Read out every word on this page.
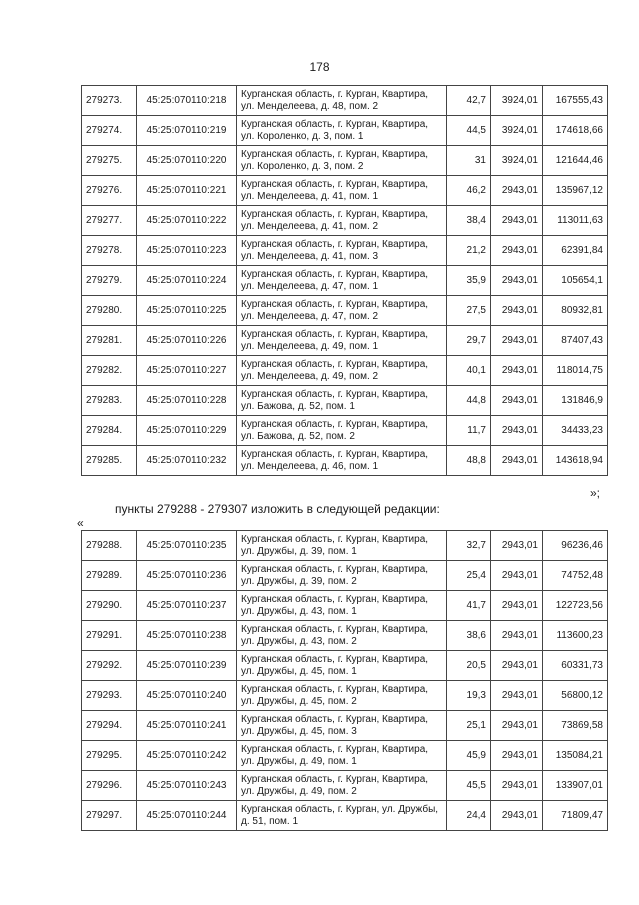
178
279273.	45:25:070110:218	Курганская область, г. Курган, Квартира, ул. Менделеева, д. 48, пом. 2	42,7	3924,01	167555,43
279274.	45:25:070110:219	Курганская область, г. Курган, Квартира, ул. Короленко, д. 3, пом. 1	44,5	3924,01	174618,66
279275.	45:25:070110:220	Курганская область, г. Курган, Квартира, ул. Короленко, д. 3, пом. 2	31	3924,01	121644,46
279276.	45:25:070110:221	Курганская область, г. Курган, Квартира, ул. Менделеева, д. 41, пом. 1	46,2	2943,01	135967,12
279277.	45:25:070110:222	Курганская область, г. Курган, Квартира, ул. Менделеева, д. 41, пом. 2	38,4	2943,01	113011,63
279278.	45:25:070110:223	Курганская область, г. Курган, Квартира, ул. Менделеева, д. 41, пом. 3	21,2	2943,01	62391,84
279279.	45:25:070110:224	Курганская область, г. Курган, Квартира, ул. Менделеева, д. 47, пом. 1	35,9	2943,01	105654,1
279280.	45:25:070110:225	Курганская область, г. Курган, Квартира, ул. Менделеева, д. 47, пом. 2	27,5	2943,01	80932,81
279281.	45:25:070110:226	Курганская область, г. Курган, Квартира, ул. Менделеева, д. 49, пом. 1	29,7	2943,01	87407,43
279282.	45:25:070110:227	Курганская область, г. Курган, Квартира, ул. Менделеева, д. 49, пом. 2	40,1	2943,01	118014,75
279283.	45:25:070110:228	Курганская область, г. Курган, Квартира, ул. Бажова, д. 52, пом. 1	44,8	2943,01	131846,9
279284.	45:25:070110:229	Курганская область, г. Курган, Квартира, ул. Бажова, д. 52, пом. 2	11,7	2943,01	34433,23
279285.	45:25:070110:232	Курганская область, г. Курган, Квартира, ул. Менделеева, д. 46, пом. 1	48,8	2943,01	143618,94
»;
пункты 279288 - 279307 изложить в следующей редакции:
«
279288.	45:25:070110:235	Курганская область, г. Курган, Квартира, ул. Дружбы, д. 39, пом. 1	32,7	2943,01	96236,46
279289.	45:25:070110:236	Курганская область, г. Курган, Квартира, ул. Дружбы, д. 39, пом. 2	25,4	2943,01	74752,48
279290.	45:25:070110:237	Курганская область, г. Курган, Квартира, ул. Дружбы, д. 43, пом. 1	41,7	2943,01	122723,56
279291.	45:25:070110:238	Курганская область, г. Курган, Квартира, ул. Дружбы, д. 43, пом. 2	38,6	2943,01	113600,23
279292.	45:25:070110:239	Курганская область, г. Курган, Квартира, ул. Дружбы, д. 45, пом. 1	20,5	2943,01	60331,73
279293.	45:25:070110:240	Курганская область, г. Курган, Квартира, ул. Дружбы, д. 45, пом. 2	19,3	2943,01	56800,12
279294.	45:25:070110:241	Курганская область, г. Курган, Квартира, ул. Дружбы, д. 45, пом. 3	25,1	2943,01	73869,58
279295.	45:25:070110:242	Курганская область, г. Курган, Квартира, ул. Дружбы, д. 49, пом. 1	45,9	2943,01	135084,21
279296.	45:25:070110:243	Курганская область, г. Курган, Квартира, ул. Дружбы, д. 49, пом. 2	45,5	2943,01	133907,01
279297.	45:25:070110:244	Курганская область, г. Курган, ул. Дружбы, д. 51, пом. 1	24,4	2943,01	71809,47
